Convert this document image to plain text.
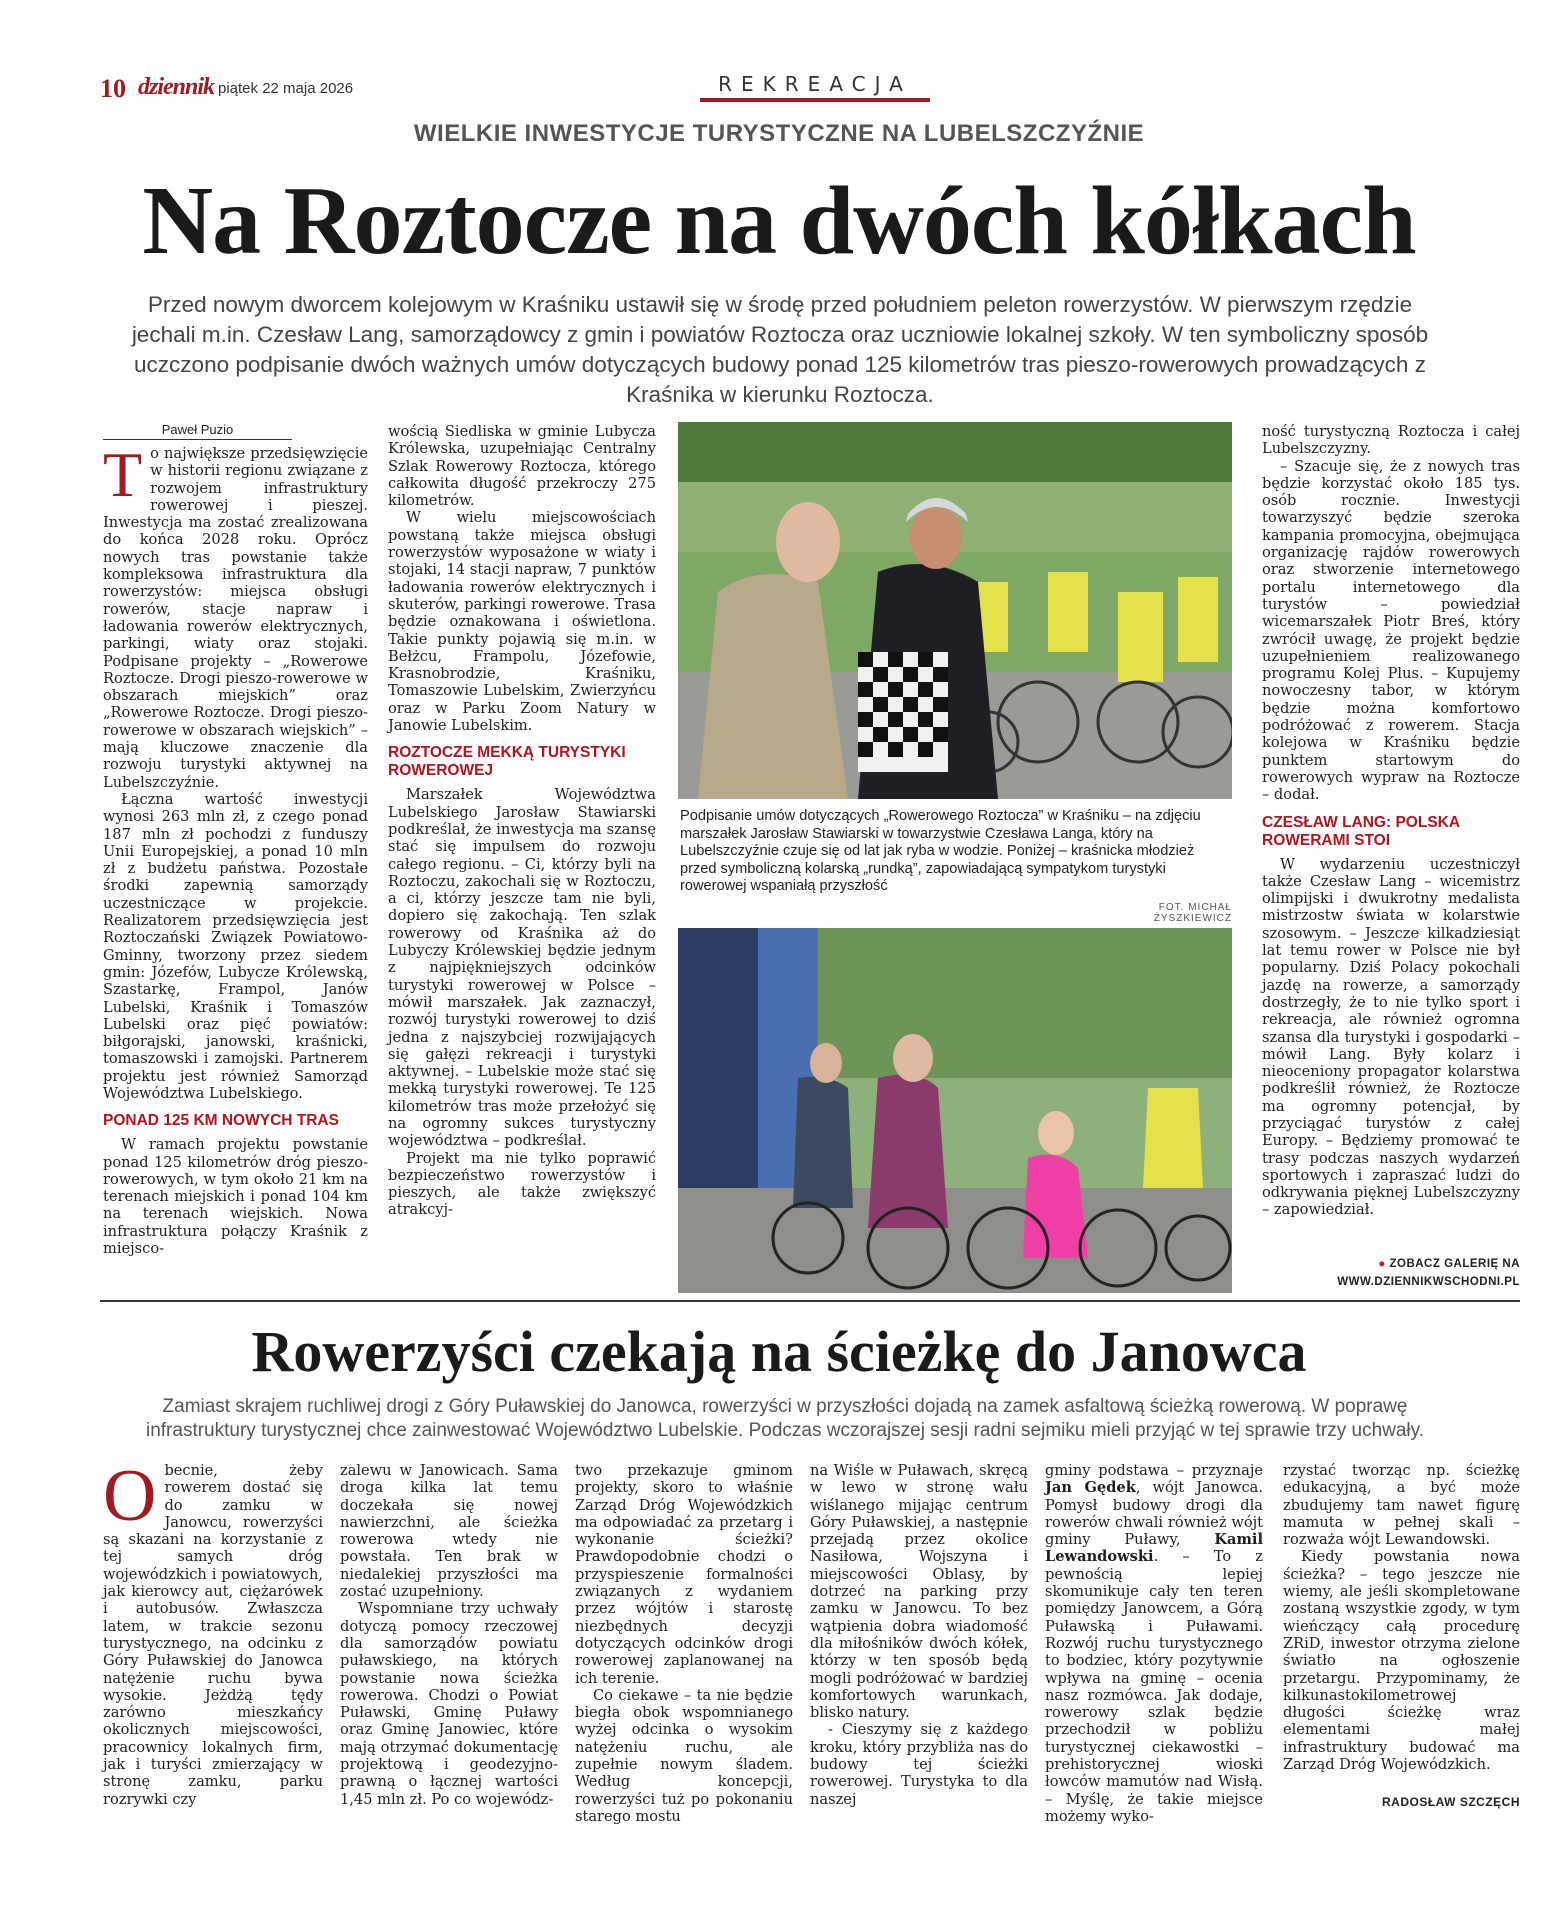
10 dziennik piątek 22 maja 2026	REKREACJA
WIELKIE INWESTYCJE TURYSTYCZNE NA LUBELSZCZYŹNIE
Na Roztocze na dwóch kółkach
Przed nowym dworcem kolejowym w Kraśniku ustawił się w środę przed południem peleton rowerzystów. W pierwszym rzędzie jechali m.in. Czesław Lang, samorządowcy z gmin i powiatów Roztocza oraz uczniowie lokalnej szkoły. W ten symboliczny sposób uczczono podpisanie dwóch ważnych umów dotyczących budowy ponad 125 kilometrów tras pieszo-rowerowych prowadzących z Kraśnika w kierunku Roztocza.
Paweł Puzio

To największe przedsięwzięcie w historii regionu związane z rozwojem infrastruktury rowerowej i pieszej. Inwestycja ma zostać zrealizowana do końca 2028 roku. Oprócz nowych tras powstanie także kompleksowa infrastruktura dla rowerzystów: miejsca obsługi rowerów, stacje napraw i ładowania rowerów elektrycznych, parkingi, wiaty oraz stojaki. Podpisane projekty – „Rowerowe Roztocze. Drogi pieszo-rowerowe w obszarach miejskich” oraz „Rowerowe Roztocze. Drogi pieszo-rowerowe w obszarach wiejskich” – mają kluczowe znaczenie dla rozwoju turystyki aktywnej na Lubelszczyźnie.

Łączna wartość inwestycji wynosi 263 mln zł, z czego ponad 187 mln zł pochodzi z funduszy Unii Europejskiej, a ponad 10 mln zł z budżetu państwa. Pozostałe środki zapewnią samorządy uczestniczące w projekcie. Realizatorem przedsięwzięcia jest Roztoczański Związek Powiatowo-Gminny, tworzony przez siedem gmin: Józefów, Lubycze Królewską, Szastarkę, Frampol, Janów Lubelski, Kraśnik i Tomaszów Lubelski oraz pięć powiatów: biłgorajski, janowski, kraśnicki, tomaszowski i zamojski. Partnerem projektu jest również Samorząd Województwa Lubelskiego.

PONAD 125 KM NOWYCH TRAS

W ramach projektu powstanie ponad 125 kilometrów dróg pieszo-rowerowych, w tym około 21 km na terenach miejskich i ponad 104 km na terenach wiejskich. Nowa infrastruktura połączy Kraśnik z miejsco-

wością Siedliska w gminie Lubycza Królewska, uzupełniając Centralny Szlak Rowerowy Roztocza, którego całkowita długość przekroczy 275 kilometrów.

W wielu miejscowościach powstaną także miejsca obsługi rowerzystów wyposażone w wiaty i stojaki, 14 stacji napraw, 7 punktów ładowania rowerów elektrycznych i skuterów, parkingi rowerowe. Trasa będzie oznakowana i oświetlona. Takie punkty pojawią się m.in. w Bełżcu, Frampolu, Józefowie, Krasnobrodzie, Kraśniku, Tomaszowie Lubelskim, Zwierzyńcu oraz w Parku Zoom Natury w Janowie Lubelskim.

ROZTOCZE MEKKĄ TURYSTYKI ROWEROWEJ

Marszałek Województwa Lubelskiego Jarosław Stawiarski podkreślał, że inwestycja ma szansę stać się impulsem do rozwoju całego regionu. – Ci, którzy byli na Roztoczu, zakochali się w Roztoczu, a ci, którzy jeszcze tam nie byli, dopiero się zakochają. Ten szlak rowerowy od Kraśnika aż do Lubyczy Królewskiej będzie jednym z najpiękniejszych odcinków turystyki rowerowej w Polsce – mówił marszałek. Jak zaznaczył, rozwój turystyki rowerowej to dziś jedna z najszybciej rozwijających się gałęzi rekreacji i turystyki aktywnej. – Lubelskie może stać się mekką turystyki rowerowej. Te 125 kilometrów tras może przełożyć się na ogromny sukces turystyczny województwa – podkreślał.

Projekt ma nie tylko poprawić bezpieczeństwo rowerzystów i pieszych, ale także zwiększyć atrakcyj-

Podpisanie umów dotyczących „Rowerowego Roztocza” w Kraśniku – na zdjęciu marszałek Jarosław Stawiarski w towarzystwie Czesława Langa, który na Lubelszczyźnie czuje się od lat jak ryba w wodzie. Poniżej – kraśnicka młodzież przed symboliczną kolarską „rundką”, zapowiadającą sympatykom turystyki rowerowej wspaniałą przyszłość
FOT. MICHAŁ ŻYSZKIEWICZ

ność turystyczną Roztocza i całej Lubelszczyzny.

– Szacuje się, że z nowych tras będzie korzystać około 185 tys. osób rocznie. Inwestycji towarzyszyć będzie szeroka kampania promocyjna, obejmująca organizację rajdów rowerowych oraz stworzenie internetowego portalu internetowego dla turystów – powiedział wicemarszałek Piotr Breś, który zwrócił uwagę, że projekt będzie uzupełnieniem realizowanego programu Kolej Plus. – Kupujemy nowoczesny tabor, w którym będzie można komfortowo podróżować z rowerem. Stacja kolejowa w Kraśniku będzie punktem startowym do rowerowych wypraw na Roztocze – dodał.

CZESŁAW LANG: POLSKA ROWERAMI STOI

W wydarzeniu uczestniczył także Czesław Lang – wicemistrz olimpijski i dwukrotny medalista mistrzostw świata w kolarstwie szosowym. – Jeszcze kilkadziesiąt lat temu rower w Polsce nie był popularny. Dziś Polacy pokochali jazdę na rowerze, a samorządy dostrzegły, że to nie tylko sport i rekreacja, ale również ogromna szansa dla turystyki i gospodarki – mówił Lang. Były kolarz i nieoceniony propagator kolarstwa podkreślił również, że Roztocze ma ogromny potencjał, by przyciągać turystów z całej Europy. – Będziemy promować te trasy podczas naszych wydarzeń sportowych i zapraszać ludzi do odkrywania pięknej Lubelszczyzny – zapowiedział.

● ZOBACZ GALERIĘ NA
WWW.DZIENNIKWSCHODNI.PL
Rowerzyści czekają na ścieżkę do Janowca
Zamiast skrajem ruchliwej drogi z Góry Puławskiej do Janowca, rowerzyści w przyszłości dojadą na zamek asfaltową ścieżką rowerową. W poprawę infrastruktury turystycznej chce zainwestować Województwo Lubelskie. Podczas wczorajszej sesji radni sejmiku mieli przyjąć w tej sprawie trzy uchwały.

Obecnie, żeby rowerem dostać się do zamku w Janowcu, rowerzyści są skazani na korzystanie z tej samych dróg wojewódzkich i powiatowych, jak kierowcy aut, ciężarówek i autobusów. Zwłaszcza latem, w trakcie sezonu turystycznego, na odcinku z Góry Puławskiej do Janowca natężenie ruchu bywa wysokie. Jeżdżą tędy zarówno mieszkańcy okolicznych miejscowości, pracownicy lokalnych firm, jak i turyści zmierzający w stronę zamku, parku rozrywki czy

zalewu w Janowicach. Sama droga kilka lat temu doczekała się nowej nawierzchni, ale ścieżka rowerowa wtedy nie powstała. Ten brak w niedalekiej przyszłości ma zostać uzupełniony.

Wspomniane trzy uchwały dotyczą pomocy rzeczowej dla samorządów powiatu puławskiego, na których powstanie nowa ścieżka rowerowa. Chodzi o Powiat Puławski, Gminę Puławy oraz Gminę Janowiec, które mają otrzymać dokumentację projektową i geodezyjno-prawną o łącznej wartości 1,45 mln zł. Po co wojewódz-

two przekazuje gminom projekty, skoro to właśnie Zarząd Dróg Wojewódzkich ma odpowiadać za przetarg i wykonanie ścieżki? Prawdopodobnie chodzi o przyspieszenie formalności związanych z wydaniem przez wójtów i starostę niezbędnych decyzji dotyczących odcinków drogi rowerowej zaplanowanej na ich terenie.

Co ciekawe – ta nie będzie biegła obok wspomnianego wyżej odcinka o wysokim natężeniu ruchu, ale zupełnie nowym śladem. Według koncepcji, rowerzyści tuż po pokonaniu starego mostu

na Wiśle w Puławach, skręcą w lewo w stronę wału wiślanego mijając centrum Góry Puławskiej, a następnie przejadą przez okolice Nasiłowa, Wojszyna i miejscowości Oblasy, by dotrzeć na parking przy zamku w Janowcu. To bez wątpienia dobra wiadomość dla miłośników dwóch kółek, którzy w ten sposób będą mogli podróżować w bardziej komfortowych warunkach, blisko natury.

- Cieszymy się z każdego kroku, który przybliża nas do budowy tej ścieżki rowerowej. Turystyka to dla naszej

gminy podstawa – przyznaje Jan Gędek, wójt Janowca. Pomysł budowy drogi dla rowerów chwali również wójt gminy Puławy, Kamil Lewandowski. – To z pewnością lepiej skomunikuje cały ten teren pomiędzy Janowcem, a Górą Puławską i Puławami. Rozwój ruchu turystycznego to bodziec, który pozytywnie wpływa na gminę – ocenia nasz rozmówca. Jak dodaje, rowerowy szlak będzie przechodził w pobliżu turystycznej ciekawostki – prehistorycznej wioski łowców mamutów nad Wisłą. – Myślę, że takie miejsce możemy wyko-

rzystać tworząc np. ścieżkę edukacyjną, a być może zbudujemy tam nawet figurę mamuta w pełnej skali – rozważa wójt Lewandowski.

Kiedy powstania nowa ścieżka? – tego jeszcze nie wiemy, ale jeśli skompletowane zostaną wszystkie zgody, w tym wieńczący całą procedurę ZRiD, inwestor otrzyma zielone światło na ogłoszenie przetargu. Przypominamy, że kilkunastokilometrowej długości ścieżkę wraz elementami małej infrastruktury budować ma Zarząd Dróg Wojewódzkich.

RADOSŁAW SZCZĘCH
